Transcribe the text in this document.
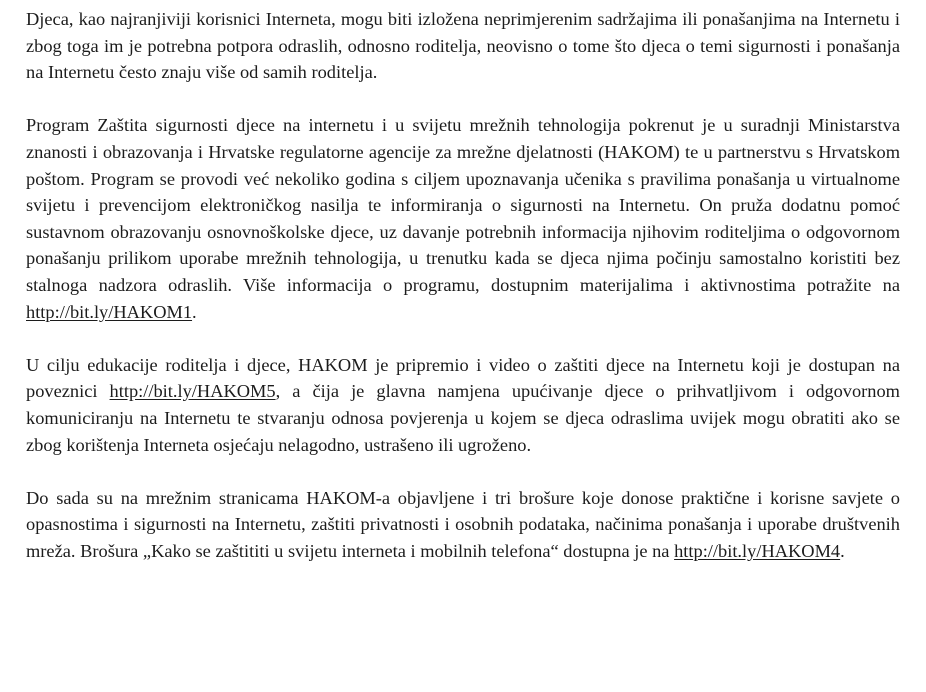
Djeca, kao najranjiviji korisnici Interneta, mogu biti izložena neprimjerenim sadržajima ili ponašanjima na Internetu i zbog toga im je potrebna potpora odraslih, odnosno roditelja, neovisno o tome što djeca o temi sigurnosti i ponašanja na Internetu često znaju više od samih roditelja.

Program Zaštita sigurnosti djece na internetu i u svijetu mrežnih tehnologija pokrenut je u suradnji Ministarstva znanosti i obrazovanja i Hrvatske regulatorne agencije za mrežne djelatnosti (HAKOM) te u partnerstvu s Hrvatskom poštom. Program se provodi već nekoliko godina s ciljem upoznavanja učenika s pravilima ponašanja u virtualnome svijetu i prevencijom elektroničkog nasilja te informiranja o sigurnosti na Internetu. On pruža dodatnu pomoć sustavnom obrazovanju osnovnoškolske djece, uz davanje potrebnih informacija njihovim roditeljima o odgovornom ponašanju prilikom uporabe mrežnih tehnologija, u trenutku kada se djeca njima počinju samostalno koristiti bez stalnoga nadzora odraslih. Više informacija o programu, dostupnim materijalima i aktivnostima potražite na http://bit.ly/HAKOM1.

U cilju edukacije roditelja i djece, HAKOM je pripremio i video o zaštiti djece na Internetu koji je dostupan na poveznici http://bit.ly/HAKOM5, a čija je glavna namjena upućivanje djece o prihvatljivom i odgovornom komuniciranju na Internetu te stvaranju odnosa povjerenja u kojem se djeca odraslima uvijek mogu obratiti ako se zbog korištenja Interneta osjećaju nelagodno, ustrašeno ili ugroženo.

Do sada su na mrežnim stranicama HAKOM-a objavljene i tri brošure koje donose praktične i korisne savjete o opasnostima i sigurnosti na Internetu, zaštiti privatnosti i osobnih podataka, načinima ponašanja i uporabe društvenih mreža. Brošura „Kako se zaštititi u svijetu interneta i mobilnih telefona“ dostupna je na http://bit.ly/HAKOM4.
